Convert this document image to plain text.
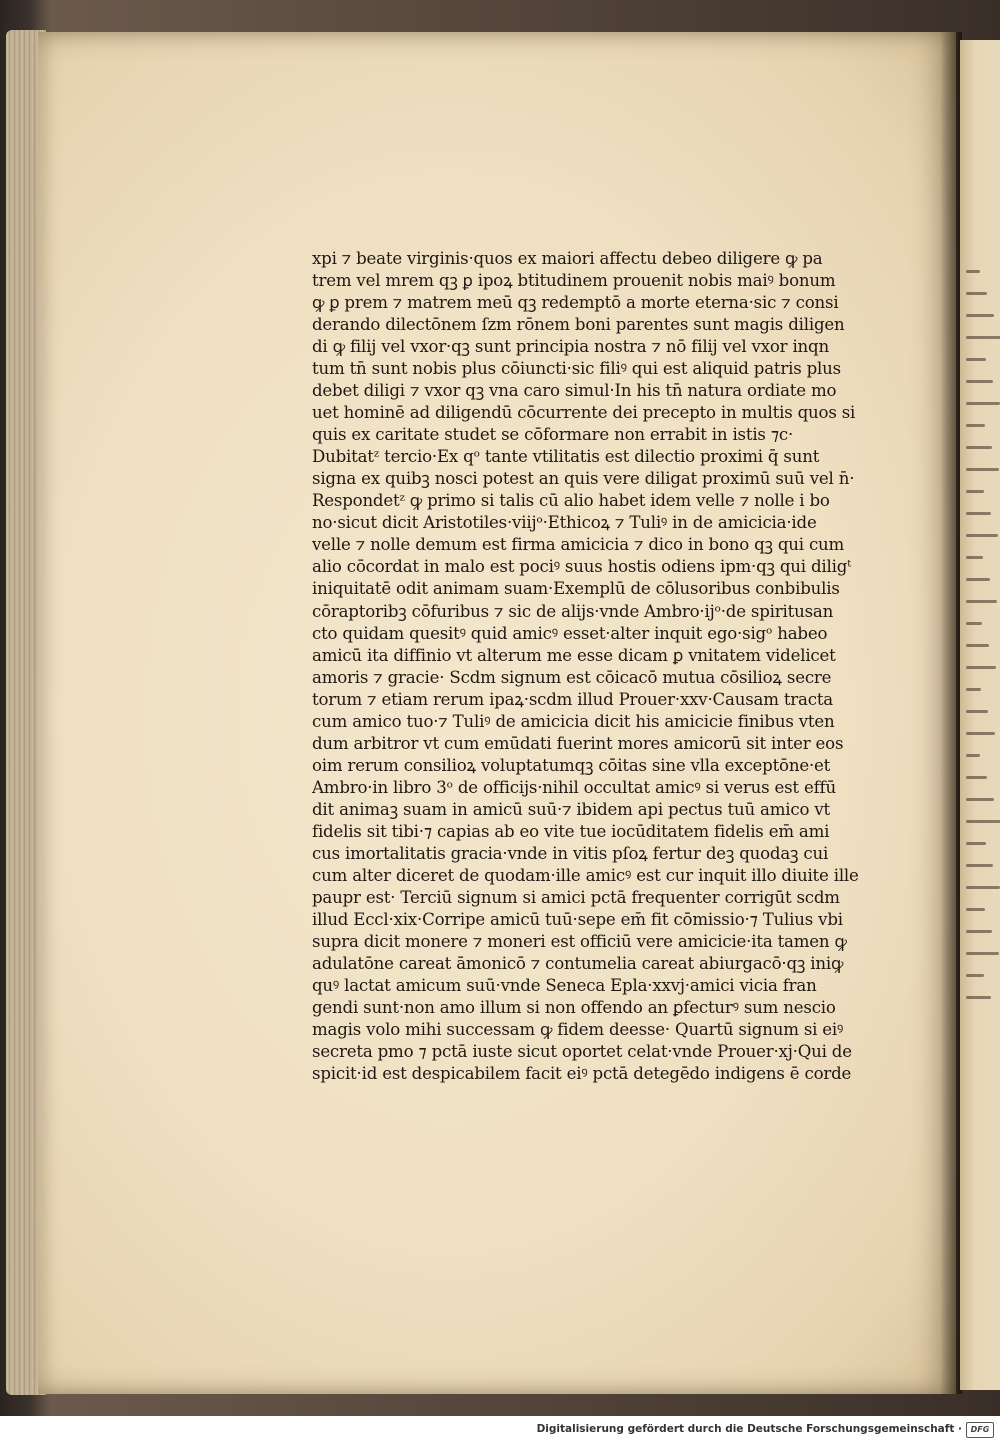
xpi ⁊ beate virginis·quos ex maiori affectu debeo diligere ꝙ pa
trem vel mrem qꝫ ꝑ ipoꝝ btitudinem prouenit nobis maiꝰ bonum
ꝙ ꝑ prem ⁊ matrem meū qꝫ redemptō a morte eterna·sic ⁊ consi
derando dilectōnem ſzm rōnem boni parentes sunt magis diligen
di ꝙ filij vel vxor·qꝫ sunt principia nostra ⁊ nō filij vel vxor inqn
tum tn̄ sunt nobis plus cōiuncti·sic filiꝰ qui est aliquid patris plus
debet diligi ⁊ vxor qꝫ vna caro simul·In his tn̄ natura ordiate mo
uet hominē ad diligendū cōcurrente dei precepto in multis quos si
quis ex caritate studet se cōformare non errabit in istis ⁊c·
Dubitatᶻ tercio·Ex qᵒ tante vtilitatis est dilectio proximi q̄ sunt
signa ex quibꝫ nosci potest an quis vere diligat proximū suū vel n̄·
Respondetᶻ ꝙ primo si talis cū alio habet idem velle ⁊ nolle i bo
no·sicut dicit Aristotiles·viijᵒ·Ethicoꝝ ⁊ Tuliꝰ in de amicicia·ide
velle ⁊ nolle demum est firma amicicia ⁊ dico in bono qꝫ qui cum
alio cōcordat in malo est pociꝰ suus hostis odiens ipm·qꝫ qui diligᵗ
iniquitatē odit animam suam·Exemplū de cōlusoribus conbibulis
cōraptoribꝫ cōfuribus ⁊ sic de alijs·vnde Ambro·ijᵒ·de spiritusan
cto quidam quesitꝰ quid amicꝰ esset·alter inquit ego·sigᵒ habeo
amicū ita diffinio vt alterum me esse dicam ꝑ vnitatem videlicet
amoris ⁊ gracie· Scdm signum est cōicacō mutua cōsilioꝝ secre
torum ⁊ etiam rerum ipaꝝ·scdm illud Prouer·xxv·Causam tracta
cum amico tuo·⁊ Tuliꝰ de amicicia dicit his amicicie finibus vten
dum arbitror vt cum emūdati fuerint mores amicorū sit inter eos
oim rerum consilioꝝ voluptatumqꝫ cōitas sine vlla exceptōne·et
Ambro·in libro 3ᵒ de officijs·nihil occultat amicꝰ si verus est effū
dit animaꝫ suam in amicū suū·⁊ ibidem api pectus tuū amico vt
fidelis sit tibi·⁊ capias ab eo vite tue iocūditatem fidelis em̄ ami
cus imortalitatis gracia·vnde in vitis pſoꝝ fertur deꝫ quodaꝫ cui
cum alter diceret de quodam·ille amicꝰ est cur inquit illo diuite ille
paupr est· Terciū signum si amici pctā frequenter corrigūt scdm
illud Eccl·xix·Corripe amicū tuū·sepe em̄ fit cōmissio·⁊ Tulius vbi
supra dicit monere ⁊ moneri est officiū vere amicicie·ita tamen ꝙ
adulatōne careat āmonicō ⁊ contumelia careat abiurgacō·qꝫ iniꝙ
quꝰ lactat amicum suū·vnde Seneca Epla·xxvj·amici vicia fran
gendi sunt·non amo illum si non offendo an ꝑfecturꝰ sum nescio
magis volo mihi successam ꝙ fidem deesse· Quartū signum si eiꝰ
secreta pmo ⁊ pctā iuste sicut oportet celat·vnde Prouer·xj·Qui de
spicit·id est despicabilem facit eiꝰ pctā detegēdo indigens ē corde
Digitalisierung gefördert durch die Deutsche Forschungsgemeinschaft ·	DFG
